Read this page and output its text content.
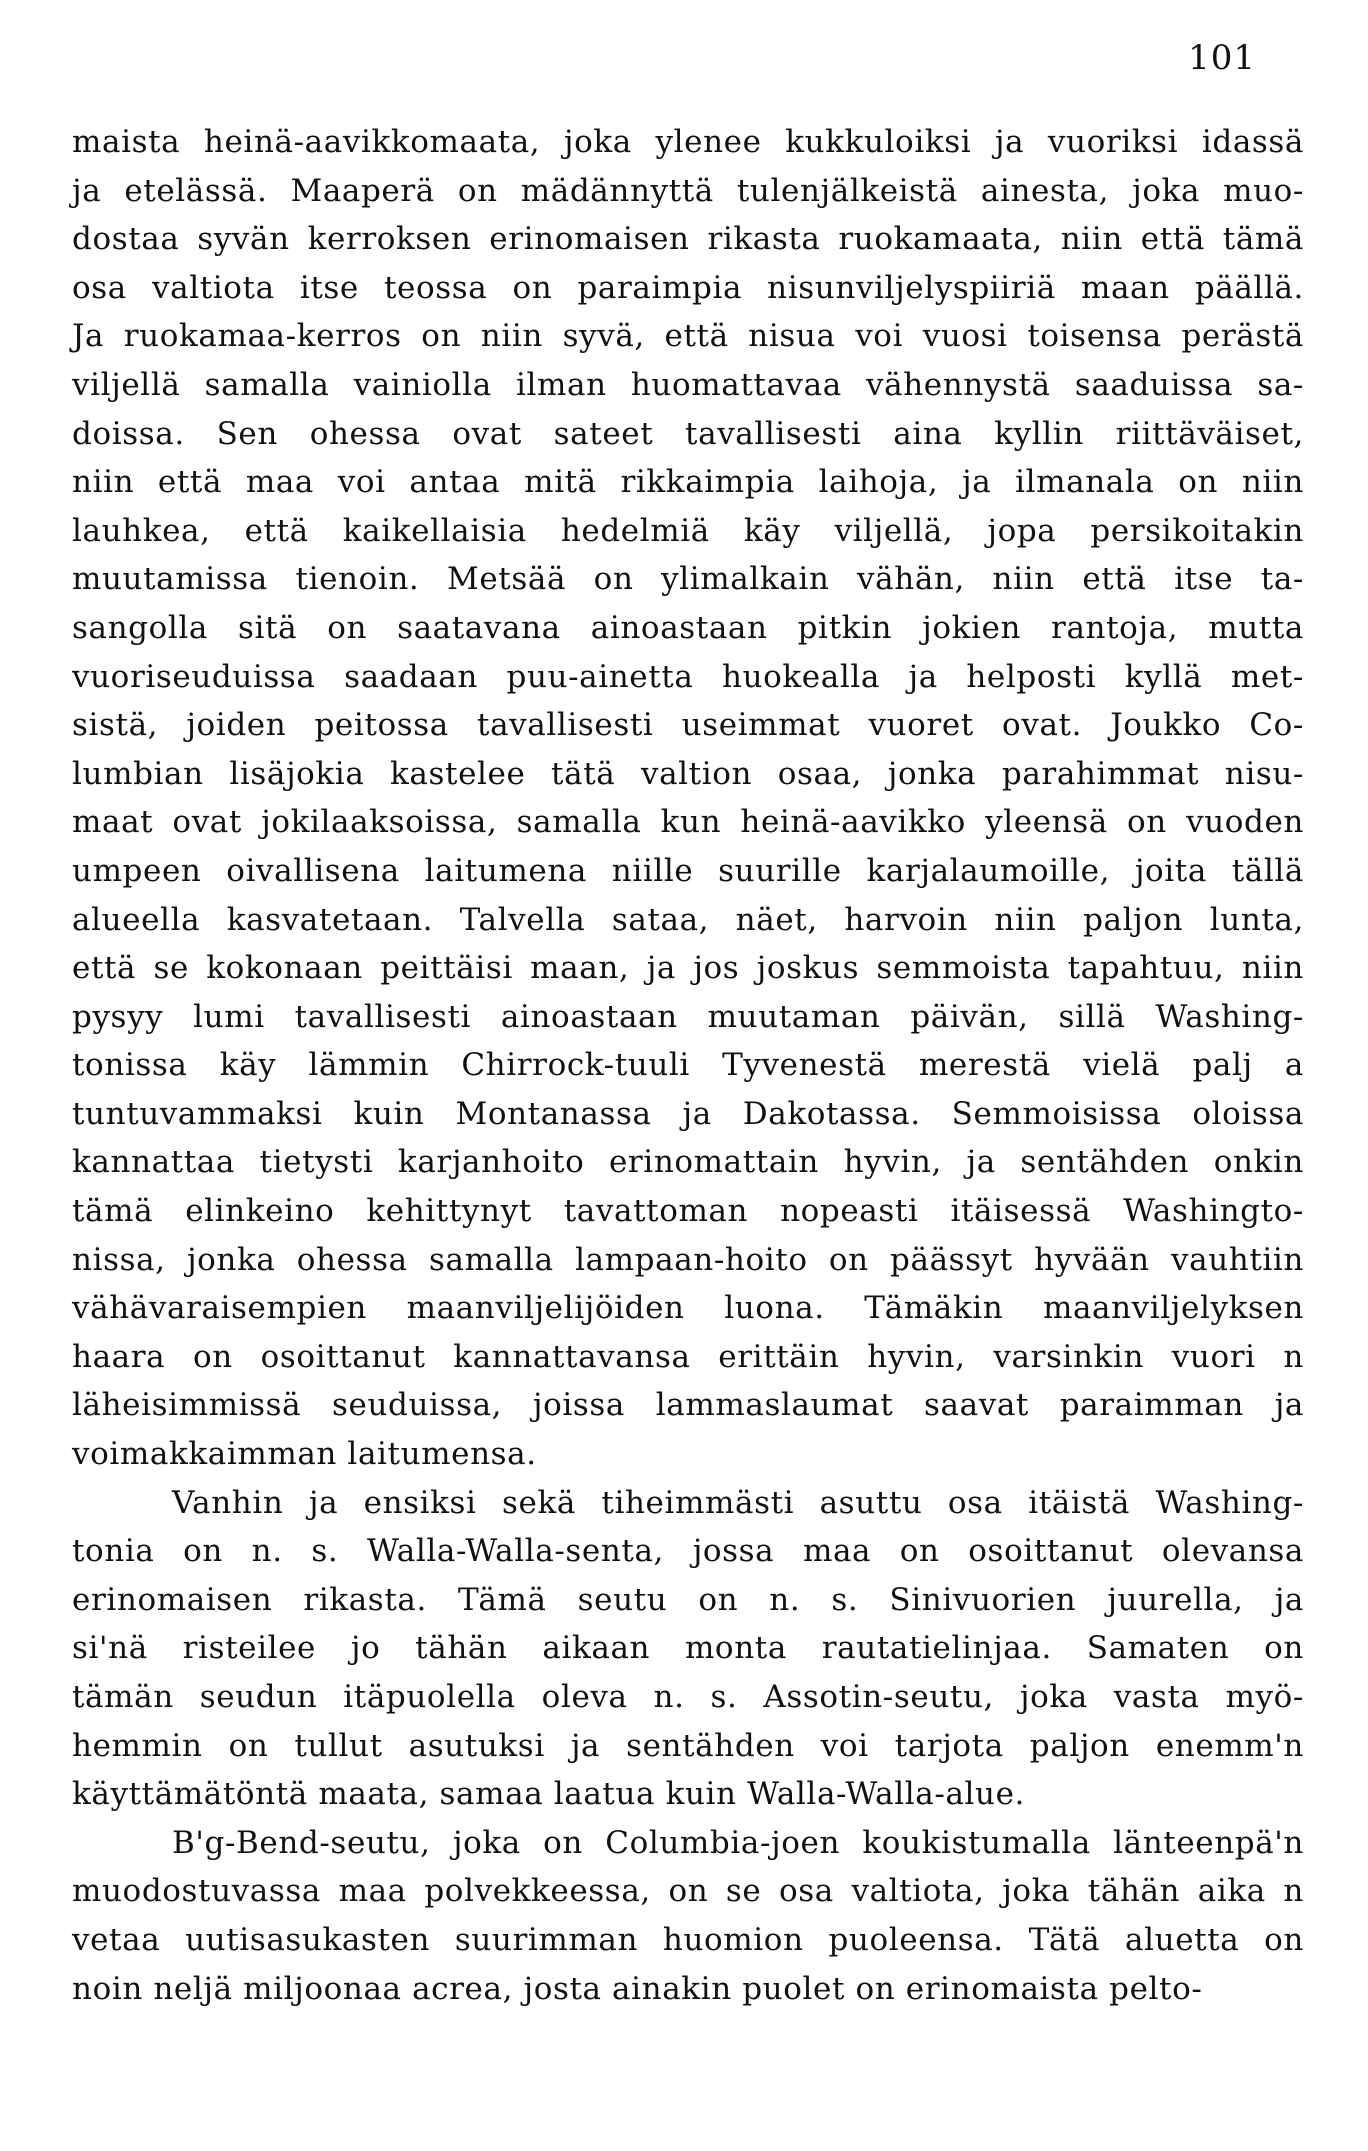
101
maista heinä-aavikkomaata, joka ylenee kukkuloiksi ja vuoriksi idassä
ja etelässä. Maaperä on mädännyttä tulenjälkeistä ainesta, joka muo-
dostaa syvän kerroksen erinomaisen rikasta ruokamaata, niin että tämä
osa valtiota itse teossa on paraimpia nisunviljelyspiiriä maan päällä.
Ja ruokamaa-kerros on niin syvä, että nisua voi vuosi toisensa perästä
viljellä samalla vainiolla ilman huomattavaa vähennystä saaduissa sa-
doissa. Sen ohessa ovat sateet tavallisesti aina kyllin riittäväiset,
niin että maa voi antaa mitä rikkaimpia laihoja, ja ilmanala on niin
lauhkea, että kaikellaisia hedelmiä käy viljellä, jopa persikoitakin
muutamissa tienoin. Metsää on ylimalkain vähän, niin että itse ta-
sangolla sitä on saatavana ainoastaan pitkin jokien rantoja, mutta
vuoriseuduissa saadaan puu-ainetta huokealla ja helposti kyllä met-
sistä, joiden peitossa tavallisesti useimmat vuoret ovat. Joukko Co-
lumbian lisäjokia kastelee tätä valtion osaa, jonka parahimmat nisu-
maat ovat jokilaaksoissa, samalla kun heinä-aavikko yleensä on vuoden
umpeen oivallisena laitumena niille suurille karjalaumoille, joita tällä
alueella kasvatetaan. Talvella sataa, näet, harvoin niin paljon lunta,
että se kokonaan peittäisi maan, ja jos joskus semmoista tapahtuu, niin
pysyy lumi tavallisesti ainoastaan muutaman päivän, sillä Washing-
tonissa käy lämmin Chirrock-tuuli Tyvenestä merestä vielä palj a
tuntuvammaksi kuin Montanassa ja Dakotassa. Semmoisissa oloissa
kannattaa tietysti karjanhoito erinomattain hyvin, ja sentähden onkin
tämä elinkeino kehittynyt tavattoman nopeasti itäisessä Washingto-
nissa, jonka ohessa samalla lampaan-hoito on päässyt hyvään vauhtiin
vähävaraisempien maanviljelijöiden luona. Tämäkin maanviljelyksen
haara on osoittanut kannattavansa erittäin hyvin, varsinkin vuori n
läheisimmissä seuduissa, joissa lammaslaumat saavat paraimman ja
voimakkaimman laitumensa.
Vanhin ja ensiksi sekä tiheimmästi asuttu osa itäistä Washing-
tonia on n. s. Walla-Walla-senta, jossa maa on osoittanut olevansa
erinomaisen rikasta. Tämä seutu on n. s. Sinivuorien juurella, ja
si'nä risteilee jo tähän aikaan monta rautatielinjaa. Samaten on
tämän seudun itäpuolella oleva n. s. Assotin-seutu, joka vasta myö-
hemmin on tullut asutuksi ja sentähden voi tarjota paljon enemm'n
käyttämätöntä maata, samaa laatua kuin Walla-Walla-alue.
B'g-Bend-seutu, joka on Columbia-joen koukistumalla länteenpä'n
muodostuvassa maa polvekkeessa, on se osa valtiota, joka tähän aika n
vetaa uutisasukasten suurimman huomion puoleensa. Tätä aluetta on
noin neljä miljoonaa acrea, josta ainakin puolet on erinomaista pelto-
